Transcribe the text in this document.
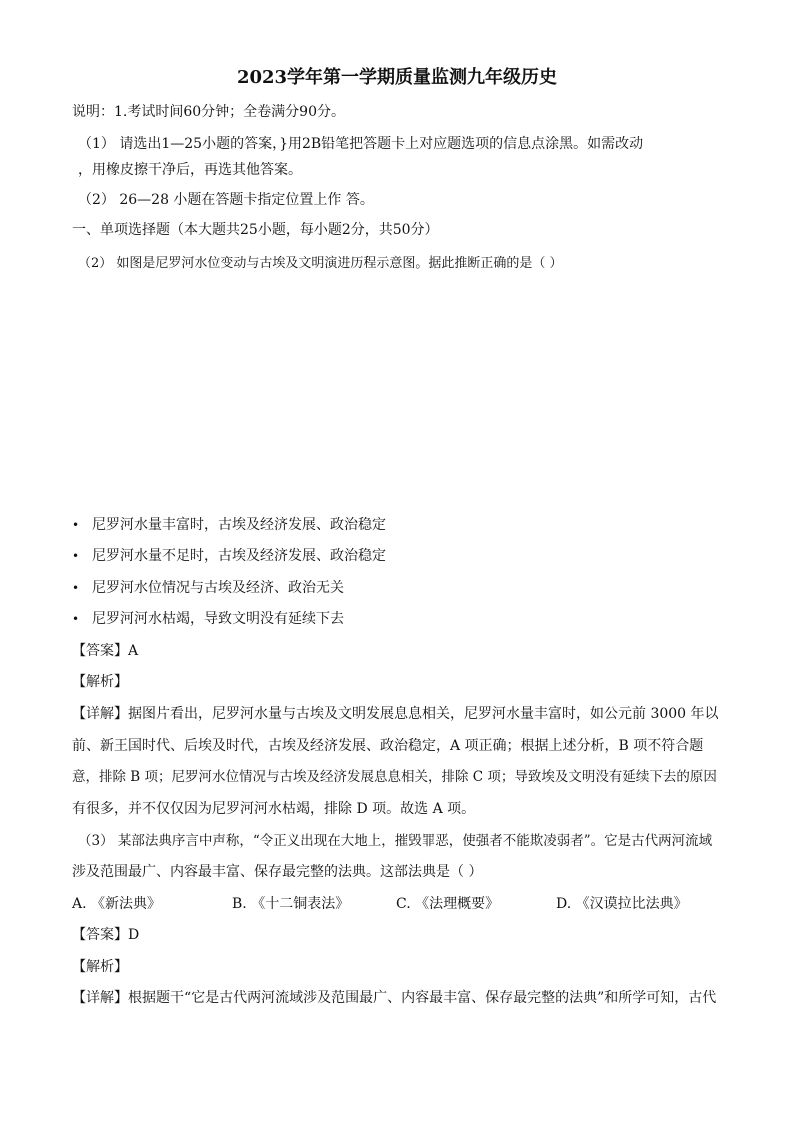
2023学年第一学期质量监测九年级历史
说明：1.考试时间60分钟；全卷满分90分。
（1） 请选出1—25小题的答案，}用2B铅笔把答题卡上对应题选项的信息点涂黑。如需改动
，用橡皮擦干净后，再选其他答案。
（2） 26—28 小题在答题卡指定位置上作 答。
一、单项选择题（本大题共25小题，每小题2分，共50分）
（2） 如图是尼罗河水位变动与古埃及文明演进历程示意图。据此推断正确的是（ ）
• 尼罗河水量丰富时，古埃及经济发展、政治稳定
• 尼罗河水量不足时，古埃及经济发展、政治稳定
• 尼罗河水位情况与古埃及经济、政治无关
• 尼罗河河水枯竭，导致文明没有延续下去
【答案】A
【解析】
【详解】据图片看出，尼罗河水量与古埃及文明发展息息相关，尼罗河水量丰富时，如公元前 3000 年以
前、新王国时代、后埃及时代，古埃及经济发展、政治稳定，A 项正确；根据上述分析，B 项不符合题
意，排除 B 项；尼罗河水位情况与古埃及经济发展息息相关，排除 C 项；导致埃及文明没有延续下去的原因
有很多，并不仅仅因为尼罗河河水枯竭，排除 D 项。故选 A 项。
（3） 某部法典序言中声称，“令正义出现在大地上，摧毁罪恶，使强者不能欺凌弱者”。它是古代两河流域
涉及范围最广、内容最丰富、保存最完整的法典。这部法典是（ ）
A. 《新法典》	B. 《十二铜表法》	C. 《法理概要》	D. 《汉谟拉比法典》
【答案】D
【解析】
【详解】根据题干“它是古代两河流域涉及范围最广、内容最丰富、保存最完整的法典”和所学可知，古代
